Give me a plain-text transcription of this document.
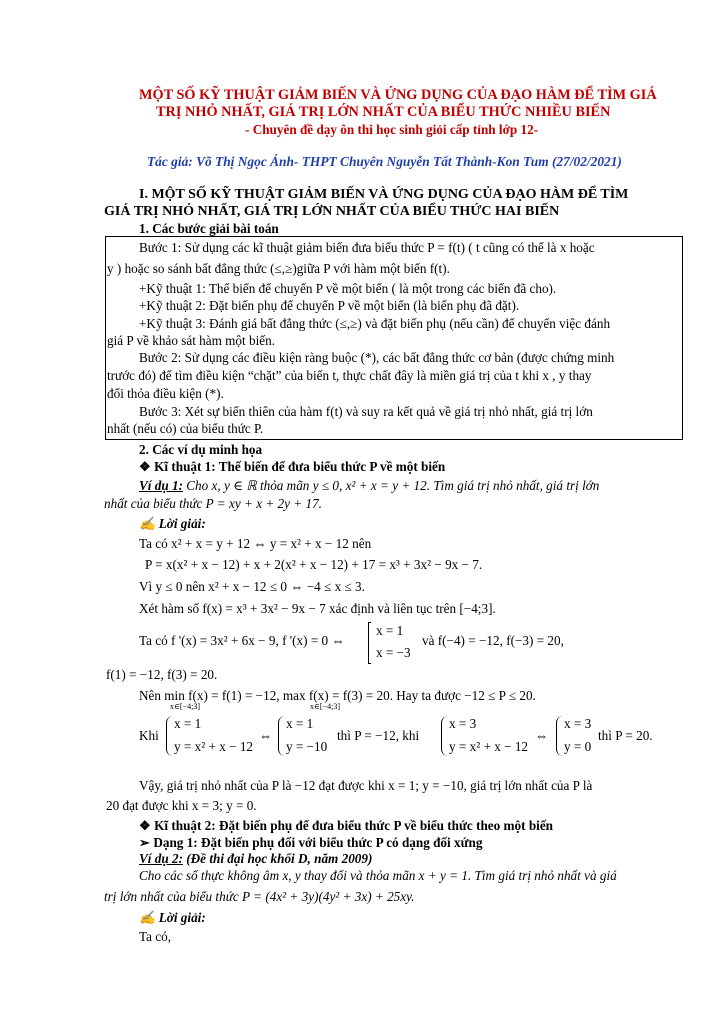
MỘT SỐ KỸ THUẬT GIẢM BIẾN VÀ ỨNG DỤNG CỦA ĐẠO HÀM ĐỂ TÌM GIÁ
TRỊ NHỎ NHẤT, GIÁ TRỊ LỚN NHẤT CỦA BIỂU THỨC NHIỀU BIẾN
- Chuyên đề dạy ôn thi học sinh giỏi cấp tỉnh lớp 12-
Tác giả: Võ Thị Ngọc Ánh- THPT Chuyên Nguyễn Tất Thành-Kon Tum (27/02/2021)
I. MỘT SỐ KỸ THUẬT GIẢM BIẾN VÀ ỨNG DỤNG CỦA ĐẠO HÀM ĐỂ TÌM
GIÁ TRỊ NHỎ NHẤT, GIÁ TRỊ LỚN NHẤT CỦA BIỂU THỨC HAI BIẾN
1. Các bước giải bài toán
Bước 1: Sử dụng các kĩ thuật giảm biến đưa biểu thức P = f(t) ( t cũng có thể là x hoặc
y ) hoặc so sánh bất đẳng thức (≤,≥)giữa P với hàm một biến f(t).
+Kỹ thuật 1: Thế biến để chuyển P về một biến ( là một trong các biến đã cho).
+Kỹ thuật 2: Đặt biến phụ để chuyển P về một biến (là biến phụ đã đặt).
+Kỹ thuật 3: Đánh giá bất đẳng thức (≤,≥) và đặt biến phụ (nếu cần) để chuyển việc đánh
giá P về khảo sát hàm một biến.
Bước 2: Sử dụng các điều kiện ràng buộc (*), các bất đẳng thức cơ bản (được chứng minh
trước đó) để tìm điều kiện “chặt” của biến t, thực chất đây là miền giá trị của t khi x , y thay
đổi thỏa điều kiện (*).
Bước 3: Xét sự biến thiên của hàm f(t) và suy ra kết quả về giá trị nhỏ nhất, giá trị lớn
nhất (nếu có) của biểu thức P.
2. Các ví dụ minh họa
❖ Kĩ thuật 1: Thế biến để đưa biểu thức P về một biến
Ví dụ 1: Cho x, y ∈ ℝ thỏa mãn y ≤ 0, x² + x = y + 12. Tìm giá trị nhỏ nhất, giá trị lớn
nhất của biểu thức P = xy + x + 2y + 17.
✍ Lời giải:
Ta có x² + x = y + 12 ⇔ y = x² + x − 12 nên
P = x(x² + x − 12) + x + 2(x² + x − 12) + 17 = x³ + 3x² − 9x − 7.
Vì y ≤ 0 nên x² + x − 12 ≤ 0 ⇔ −4 ≤ x ≤ 3.
Xét hàm số f(x) = x³ + 3x² − 9x − 7 xác định và liên tục trên [−4;3].
Ta có f '(x) = 3x² + 6x − 9, f '(x) = 0 ⇔
x = 1
x = −3
và f(−4) = −12, f(−3) = 20,
f(1) = −12, f(3) = 20.
Nên min f(x) = f(1) = −12, max f(x) = f(3) = 20. Hay ta được −12 ≤ P ≤ 20.
x∈[−4;3]	x∈[−4;3]
Khi
x = 1
y = x² + x − 12
⇔
x = 1
y = −10
thì P = −12, khi
x = 3
y = x² + x − 12
⇔
x = 3
y = 0
thì P = 20.
Vậy, giá trị nhỏ nhất của P là −12 đạt được khi x = 1; y = −10, giá trị lớn nhất của P là
20 đạt được khi x = 3; y = 0.
❖ Kĩ thuật 2: Đặt biến phụ để đưa biểu thức P về biểu thức theo một biến
➢ Dạng 1: Đặt biến phụ đối với biểu thức P có dạng đối xứng
Ví dụ 2: (Đề thi đại học khối D, năm 2009)
Cho các số thực không âm x, y thay đổi và thỏa mãn x + y = 1. Tìm giá trị nhỏ nhất và giá
trị lớn nhất của biểu thức P = (4x² + 3y)(4y² + 3x) + 25xy.
✍ Lời giải:
Ta có,
